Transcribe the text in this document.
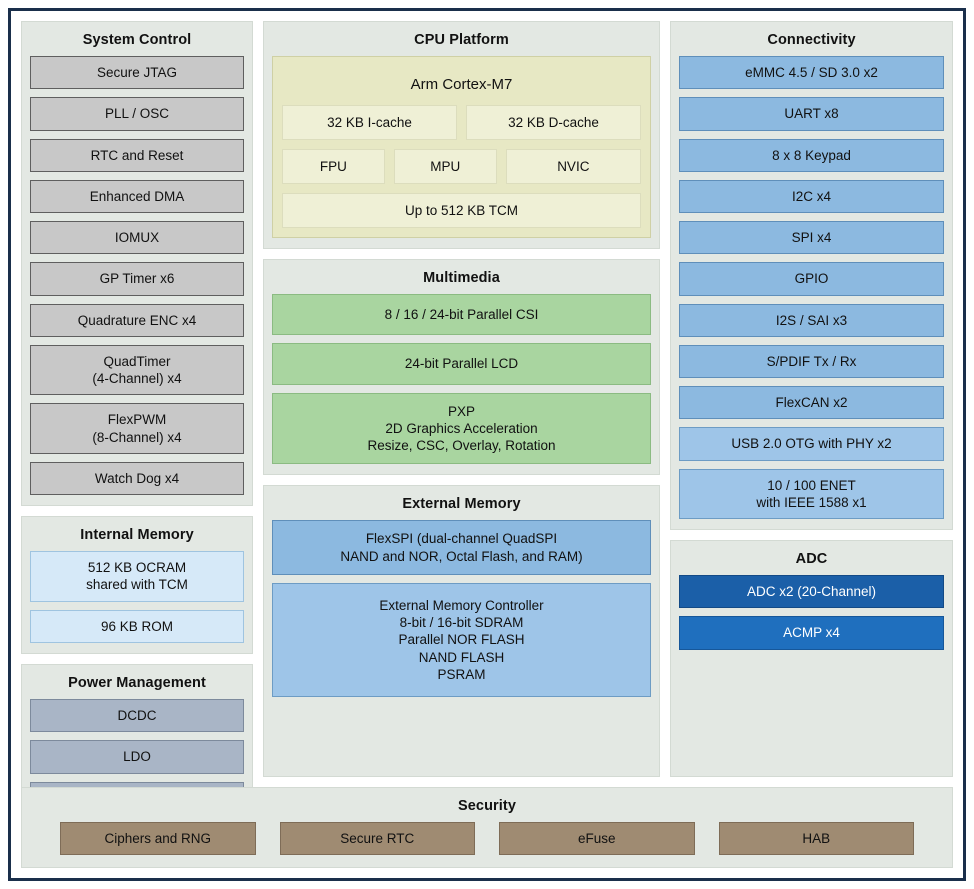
System Control
Secure JTAG
PLL / OSC
RTC and Reset
Enhanced DMA
IOMUX
GP Timer x6
Quadrature ENC x4
QuadTimer
(4-Channel) x4
FlexPWM
(8-Channel) x4
Watch Dog x4
Internal Memory
512 KB OCRAM
shared with TCM
96 KB ROM
Power Management
DCDC
LDO
CPU Platform
Arm Cortex-M7
32 KB I-cache	32 KB D-cache
FPU	MPU	NVIC
Up to 512 KB TCM
Multimedia
8 / 16 / 24-bit Parallel CSI
24-bit Parallel LCD
PXP
2D Graphics Acceleration
Resize, CSC, Overlay, Rotation
External Memory
FlexSPI (dual-channel QuadSPI
NAND and NOR, Octal Flash, and RAM)
External Memory Controller
8-bit / 16-bit SDRAM
Parallel NOR FLASH
NAND FLASH
PSRAM
Connectivity
eMMC 4.5 / SD 3.0 x2
UART x8
8 x 8 Keypad
I2C x4
SPI x4
GPIO
I2S / SAI x3
S/PDIF Tx / Rx
FlexCAN x2
USB 2.0 OTG with PHY x2
10 / 100 ENET
with IEEE 1588 x1
ADC
ADC x2 (20-Channel)
ACMP x4
Security
Ciphers and RNG	Secure RTC	eFuse	HAB
